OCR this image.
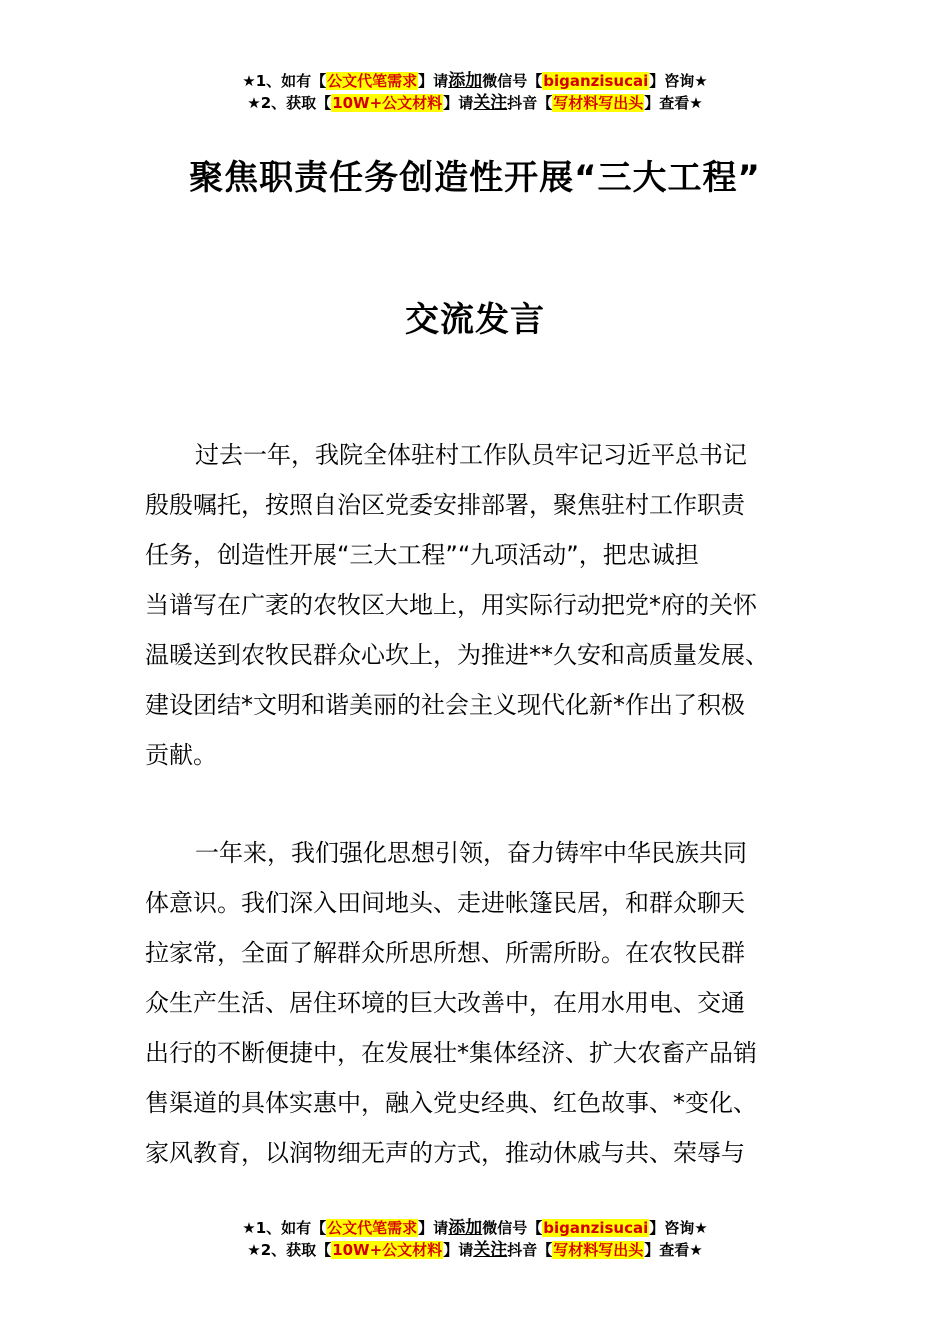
★1、如有【公文代笔需求】请添加微信号【biganzisucai】咨询★
★2、获取【10W+公文材料】请关注抖音【写材料写出头】查看★
聚焦职责任务创造性开展“三大工程”
交流发言
过去一年，我院全体驻村工作队员牢记习近平总书记
殷殷嘱托，按照自治区党委安排部署，聚焦驻村工作职责
任务，创造性开展“三大工程”“九项活动”，把忠诚担
当谱写在广袤的农牧区大地上，用实际行动把党*府的关怀
温暖送到农牧民群众心坎上，为推进**久安和高质量发展、
建设团结*文明和谐美丽的社会主义现代化新*作出了积极
贡献。
一年来，我们强化思想引领，奋力铸牢中华民族共同
体意识。我们深入田间地头、走进帐篷民居，和群众聊天
拉家常，全面了解群众所思所想、所需所盼。在农牧民群
众生产生活、居住环境的巨大改善中，在用水用电、交通
出行的不断便捷中，在发展壮*集体经济、扩大农畜产品销
售渠道的具体实惠中，融入党史经典、红色故事、*变化、
家风教育，以润物细无声的方式，推动休戚与共、荣辱与
★1、如有【公文代笔需求】请添加微信号【biganzisucai】咨询★
★2、获取【10W+公文材料】请关注抖音【写材料写出头】查看★
